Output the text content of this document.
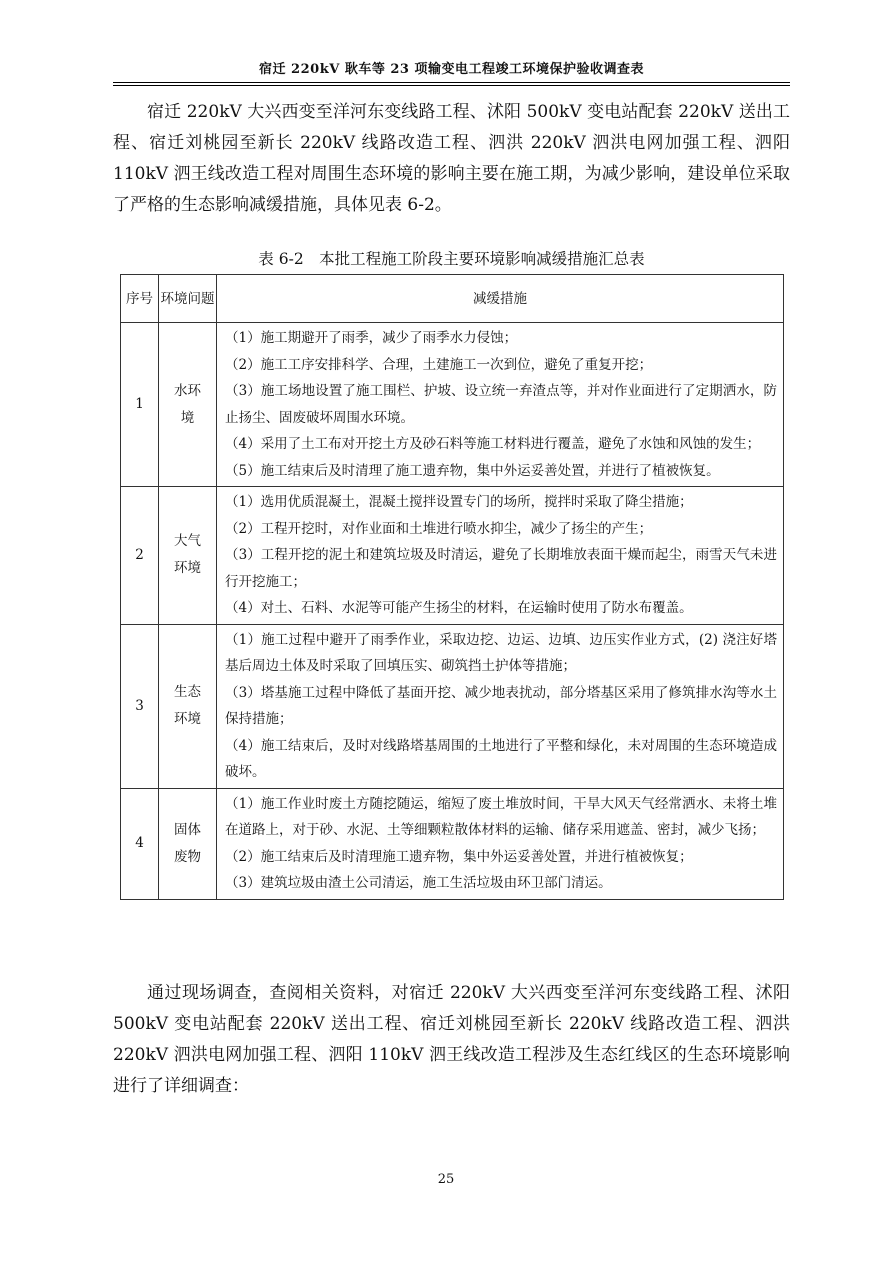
宿迁 220kV 耿车等 23 项输变电工程竣工环境保护验收调查表

宿迁 220kV 大兴西变至洋河东变线路工程、沭阳 500kV 变电站配套 220kV 送出工程、宿迁刘桃园至新长 220kV 线路改造工程、泗洪 220kV 泗洪电网加强工程、泗阳 110kV 泗王线改造工程对周围生态环境的影响主要在施工期，为减少影响，建设单位采取了严格的生态影响减缓措施，具体见表 6-2。

表 6-2　本批工程施工阶段主要环境影响减缓措施汇总表
序号	环境问题	减缓措施
1	水环境	（1）施工期避开了雨季，减少了雨季水力侵蚀；
（2）施工工序安排科学、合理，土建施工一次到位，避免了重复开挖；
（3）施工场地设置了施工围栏、护坡、设立统一弃渣点等，并对作业面进行了定期洒水，防止扬尘、固废破坏周围水环境。
（4）采用了土工布对开挖土方及砂石料等施工材料进行覆盖，避免了水蚀和风蚀的发生；
（5）施工结束后及时清理了施工遗弃物，集中外运妥善处置，并进行了植被恢复。

2	大气环境	（1）选用优质混凝土，混凝土搅拌设置专门的场所，搅拌时采取了降尘措施；
（2）工程开挖时，对作业面和土堆进行喷水抑尘，减少了扬尘的产生；
（3）工程开挖的泥土和建筑垃圾及时清运，避免了长期堆放表面干燥而起尘，雨雪天气未进行开挖施工；
（4）对土、石料、水泥等可能产生扬尘的材料，在运输时使用了防水布覆盖。

3	生态环境	（1）施工过程中避开了雨季作业，采取边挖、边运、边填、边压实作业方式，(2) 浇注好塔基后周边土体及时采取了回填压实、砌筑挡土护体等措施；
（3）塔基施工过程中降低了基面开挖、减少地表扰动，部分塔基区采用了修筑排水沟等水土保持措施；
（4）施工结束后，及时对线路塔基周围的土地进行了平整和绿化，未对周围的生态环境造成破坏。

4	固体废物	（1）施工作业时废土方随挖随运，缩短了废土堆放时间，干旱大风天气经常洒水、未将土堆在道路上，对于砂、水泥、土等细颗粒散体材料的运输、储存采用遮盖、密封，减少飞扬；
（2）施工结束后及时清理施工遗弃物，集中外运妥善处置，并进行植被恢复；
（3）建筑垃圾由渣土公司清运，施工生活垃圾由环卫部门清运。

通过现场调查，查阅相关资料，对宿迁 220kV 大兴西变至洋河东变线路工程、沭阳 500kV 变电站配套 220kV 送出工程、宿迁刘桃园至新长 220kV 线路改造工程、泗洪 220kV 泗洪电网加强工程、泗阳 110kV 泗王线改造工程涉及生态红线区的生态环境影响进行了详细调查：

25
